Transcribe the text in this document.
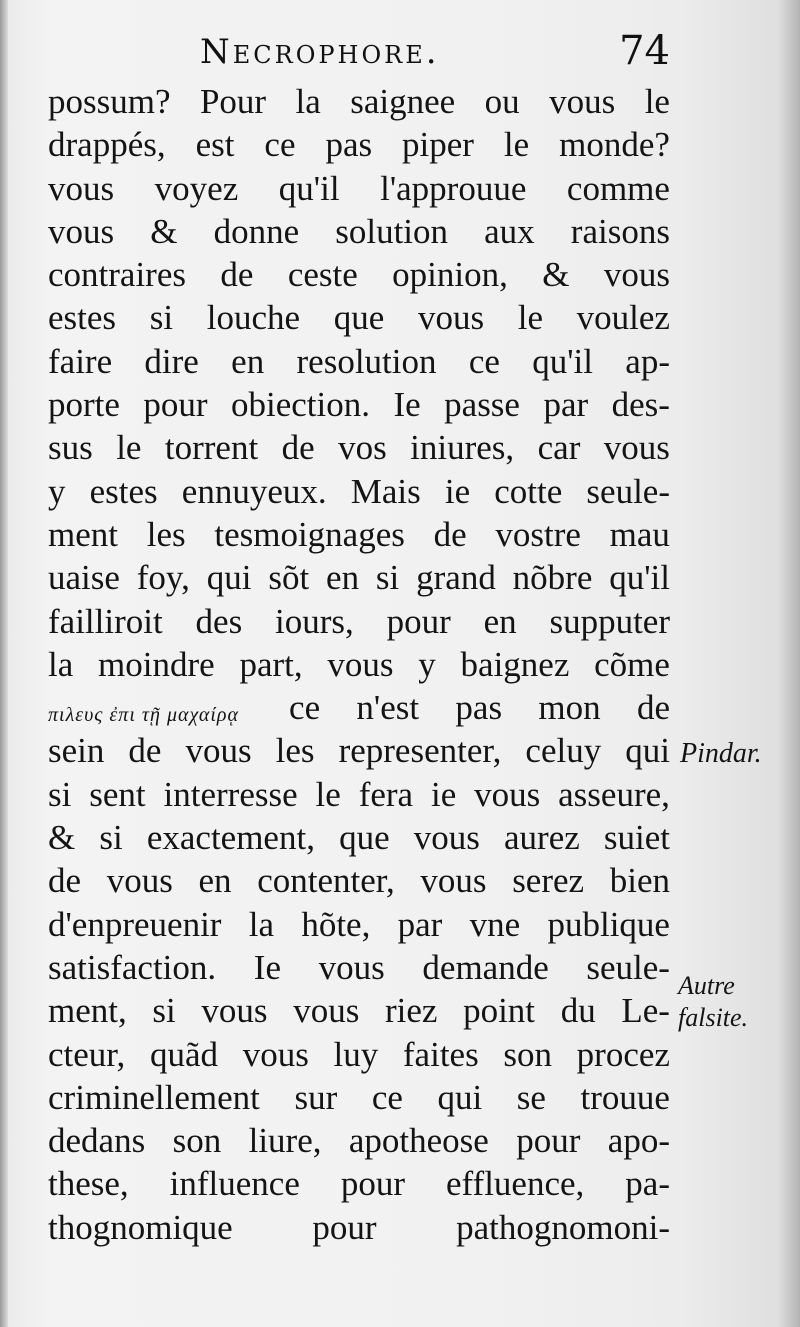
Necrophore.	74
possum? Pour la saignee ou vous le
drappés, est ce pas piper le monde?
vous voyez qu'il l'approuue comme
vous & donne solution aux raisons
contraires de ceste opinion, & vous
estes si louche que vous le voulez
faire dire en resolution ce qu'il ap-
porte pour obiection. Ie passe par des-
sus le torrent de vos iniures, car vous
y estes ennuyeux. Mais ie cotte seule-
ment les tesmoignages de vostre mau
uaise foy, qui sõt en si grand nõbre qu'il
failliroit des iours, pour en supputer
la moindre part, vous y baignez cõme
πιλευς ἐπι τῇ μαχαίρᾳ ce n'est pas mon de
sein de vous les representer, celuy qui
si sent interresse le fera ie vous asseure,
& si exactement, que vous aurez suiet
de vous en contenter, vous serez bien
d'enpreuenir la hõte, par vne publique
satisfaction. Ie vous demande seule-
ment, si vous vous riez point du Le-
cteur, quãd vous luy faites son procez
criminellement sur ce qui se trouue
dedans son liure, apotheose pour apo-
these, influence pour effluence, pa-
thognomique pour pathognomoni-
Pindar.
Autre
falsite.
